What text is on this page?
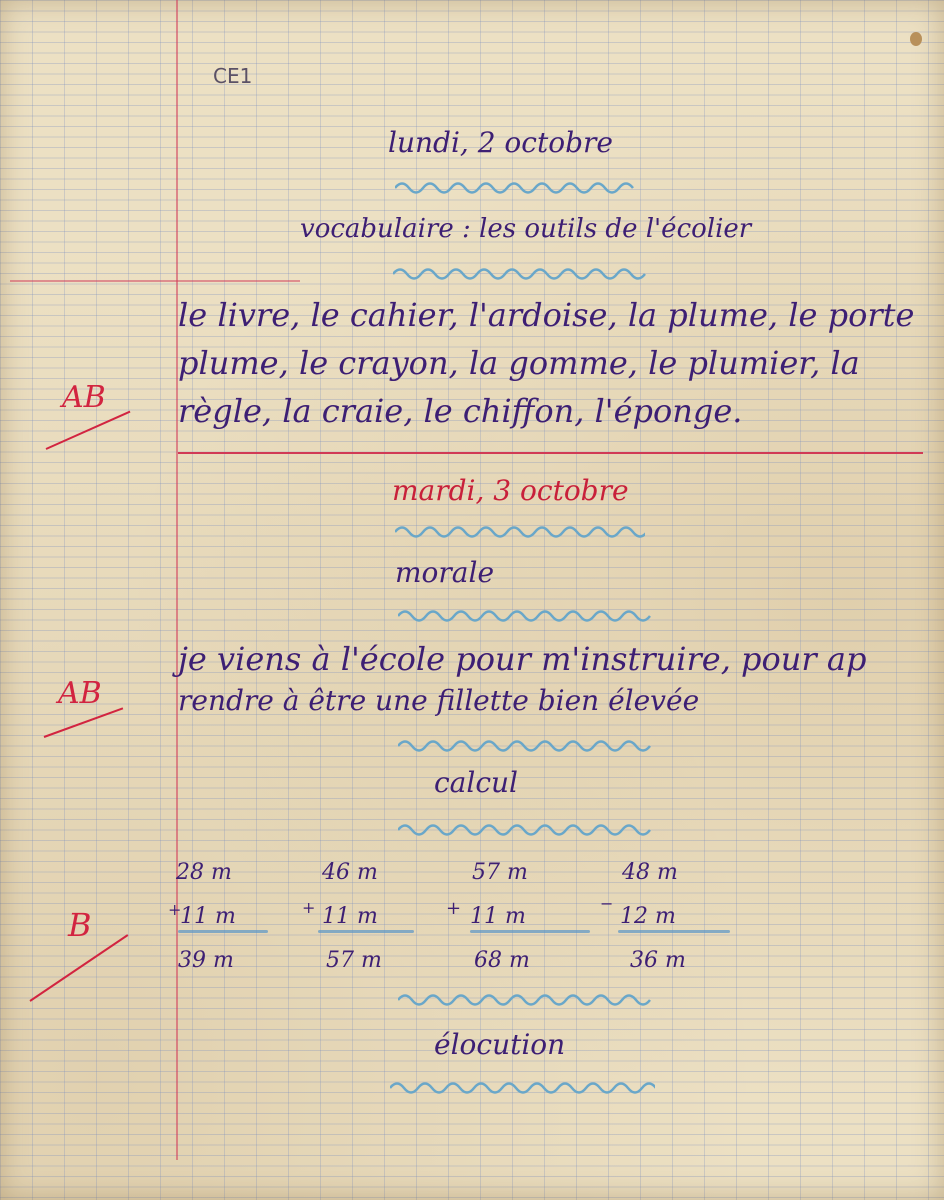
CE1
lundi, 2 octobre
vocabulaire : les outils de l'écolier
le livre, le cahier, l'ardoise, la plume, le porte
plume, le crayon, la gomme, le plumier, la
règle, la craie, le chiffon, l'éponge.
AB
mardi, 3 octobre
morale
je viens à l'école pour m'instruire, pour ap
rendre à être une fillette bien élevée
AB
calcul
28 m
+
11 m
39 m
46 m
+ 11 m
57 m
57 m
+ 11 m
68 m
48 m
−
12 m
36 m
B
élocution
